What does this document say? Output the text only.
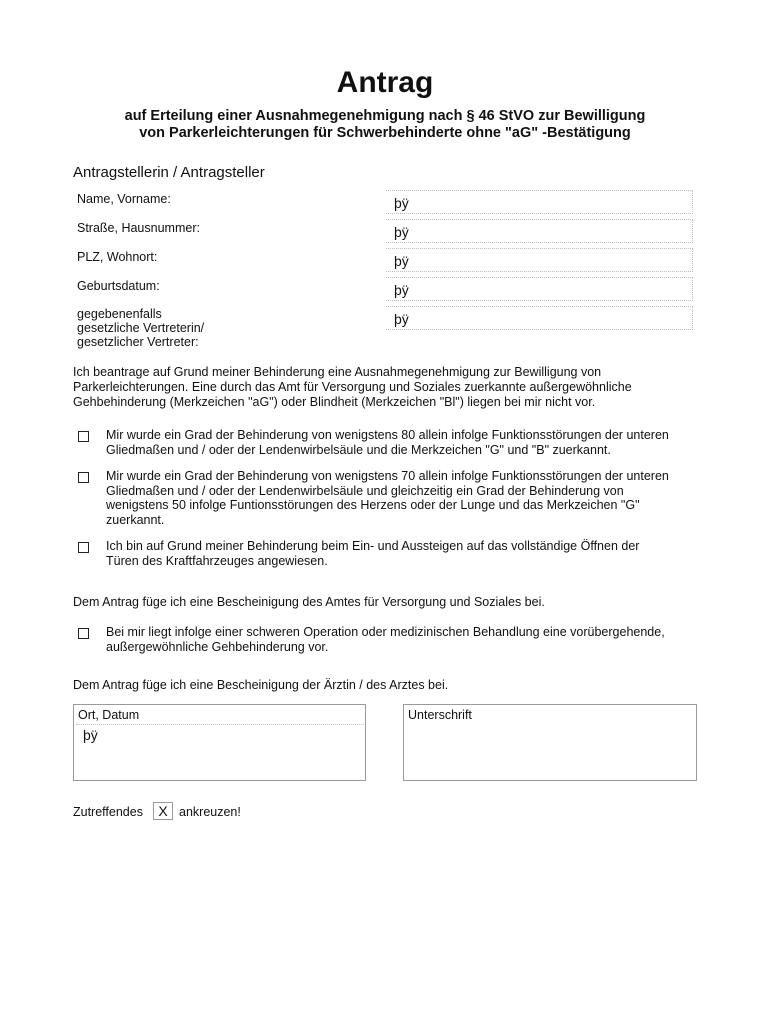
Antrag
auf Erteilung einer Ausnahmegenehmigung nach § 46 StVO zur Bewilligung
von Parkerleichterungen für Schwerbehinderte ohne "aG" -Bestätigung
Antragstellerin / Antragsteller
Name, Vorname:	þÿ
Straße, Hausnummer:	þÿ
PLZ, Wohnort:	þÿ
Geburtsdatum:	þÿ
gegebenenfalls
gesetzliche Vertreterin/
gesetzlicher Vertreter:
þÿ
Ich beantrage auf Grund meiner Behinderung eine Ausnahmegenehmigung zur Bewilligung von
Parkerleichterungen. Eine durch das Amt für Versorgung und Soziales zuerkannte außergewöhnliche
Gehbehinderung (Merkzeichen "aG") oder Blindheit (Merkzeichen "Bl") liegen bei mir nicht vor.
Mir wurde ein Grad der Behinderung von wenigstens 80 allein infolge Funktionsstörungen der unteren
Gliedmaßen und / oder der Lendenwirbelsäule und die Merkzeichen "G" und "B" zuerkannt.
Mir wurde ein Grad der Behinderung von wenigstens 70 allein infolge Funktionsstörungen der unteren
Gliedmaßen und / oder der Lendenwirbelsäule und gleichzeitig ein Grad der Behinderung von
wenigstens 50 infolge Funtionsstörungen des Herzens oder der Lunge und das Merkzeichen "G"
zuerkannt.
Ich bin auf Grund meiner Behinderung beim Ein- und Aussteigen auf das vollständige Öffnen der
Türen des Kraftfahrzeuges angewiesen.
Dem Antrag füge ich eine Bescheinigung des Amtes für Versorgung und Soziales bei.
Bei mir liegt infolge einer schweren Operation oder medizinischen Behandlung eine vorübergehende,
außergewöhnliche Gehbehinderung vor.
Dem Antrag füge ich eine Bescheinigung der Ärztin / des Arztes bei.
Ort, Datum
þÿ
Unterschrift
Zutreffendes	X ankreuzen!
